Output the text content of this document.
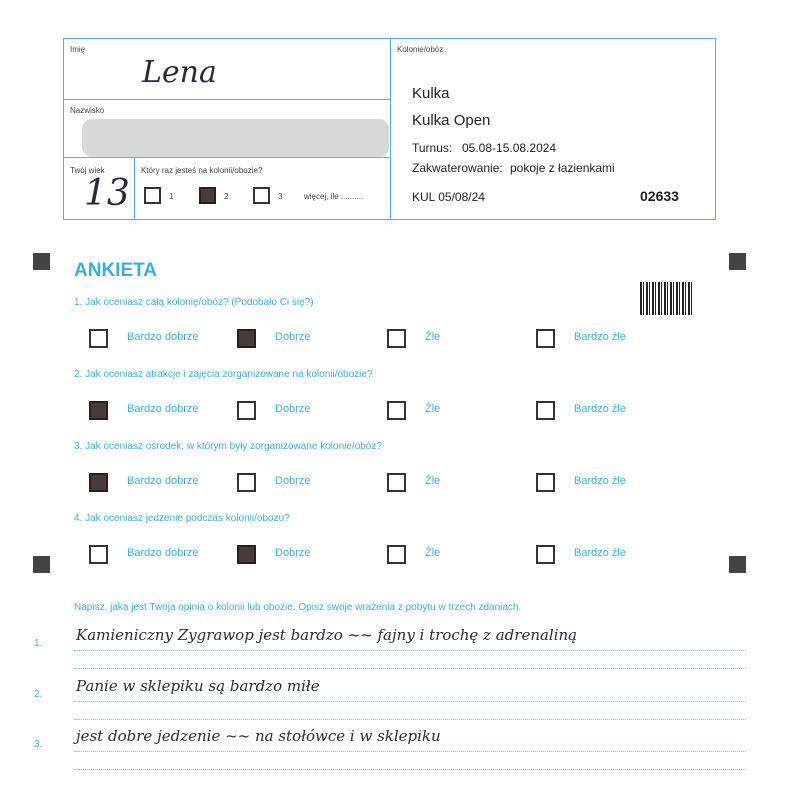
Imię
Lena
Nazwisko
Twój wiek
13
Który raz jesteś na kolonii/obozie?
1	2	3	więcej, ile ..........
Kolonie/obóz
Kulka
Kulka Open
Turnus: 05.08-15.08.2024
Zakwaterowanie: pokoje z łazienkami
KUL 05/08/24	02633
ANKIETA
1. Jak oceniasz całą kolonię/obóz? (Podobało Ci się?)
Bardzo dobrze	Dobrze	Źle	Bardzo źle
2. Jak oceniasz atrakcje i zajęcia zorganizowane na kolonii/obozie?
Bardzo dobrze	Dobrze	Źle	Bardzo źle
3. Jak oceniasz ośrodek, w którym były zorganizowane kolonie/obóz?
Bardzo dobrze	Dobrze	Źle	Bardzo źle
4. Jak oceniasz jedzenie podczas kolonii/obozu?
Bardzo dobrze	Dobrze	Źle	Bardzo źle
Napisz, jaka jest Twoja opinia o kolonii lub obozie. Opisz swoje wrażenia z pobytu w trzech zdaniach.
1. Kamieniczny Zygrawop jest bardzo ~~ fajny i trochę z adrenaliną
2. Panie w sklepiku są bardzo miłe
3. jest dobre jedzenie ~~ na stołówce i w sklepiku
